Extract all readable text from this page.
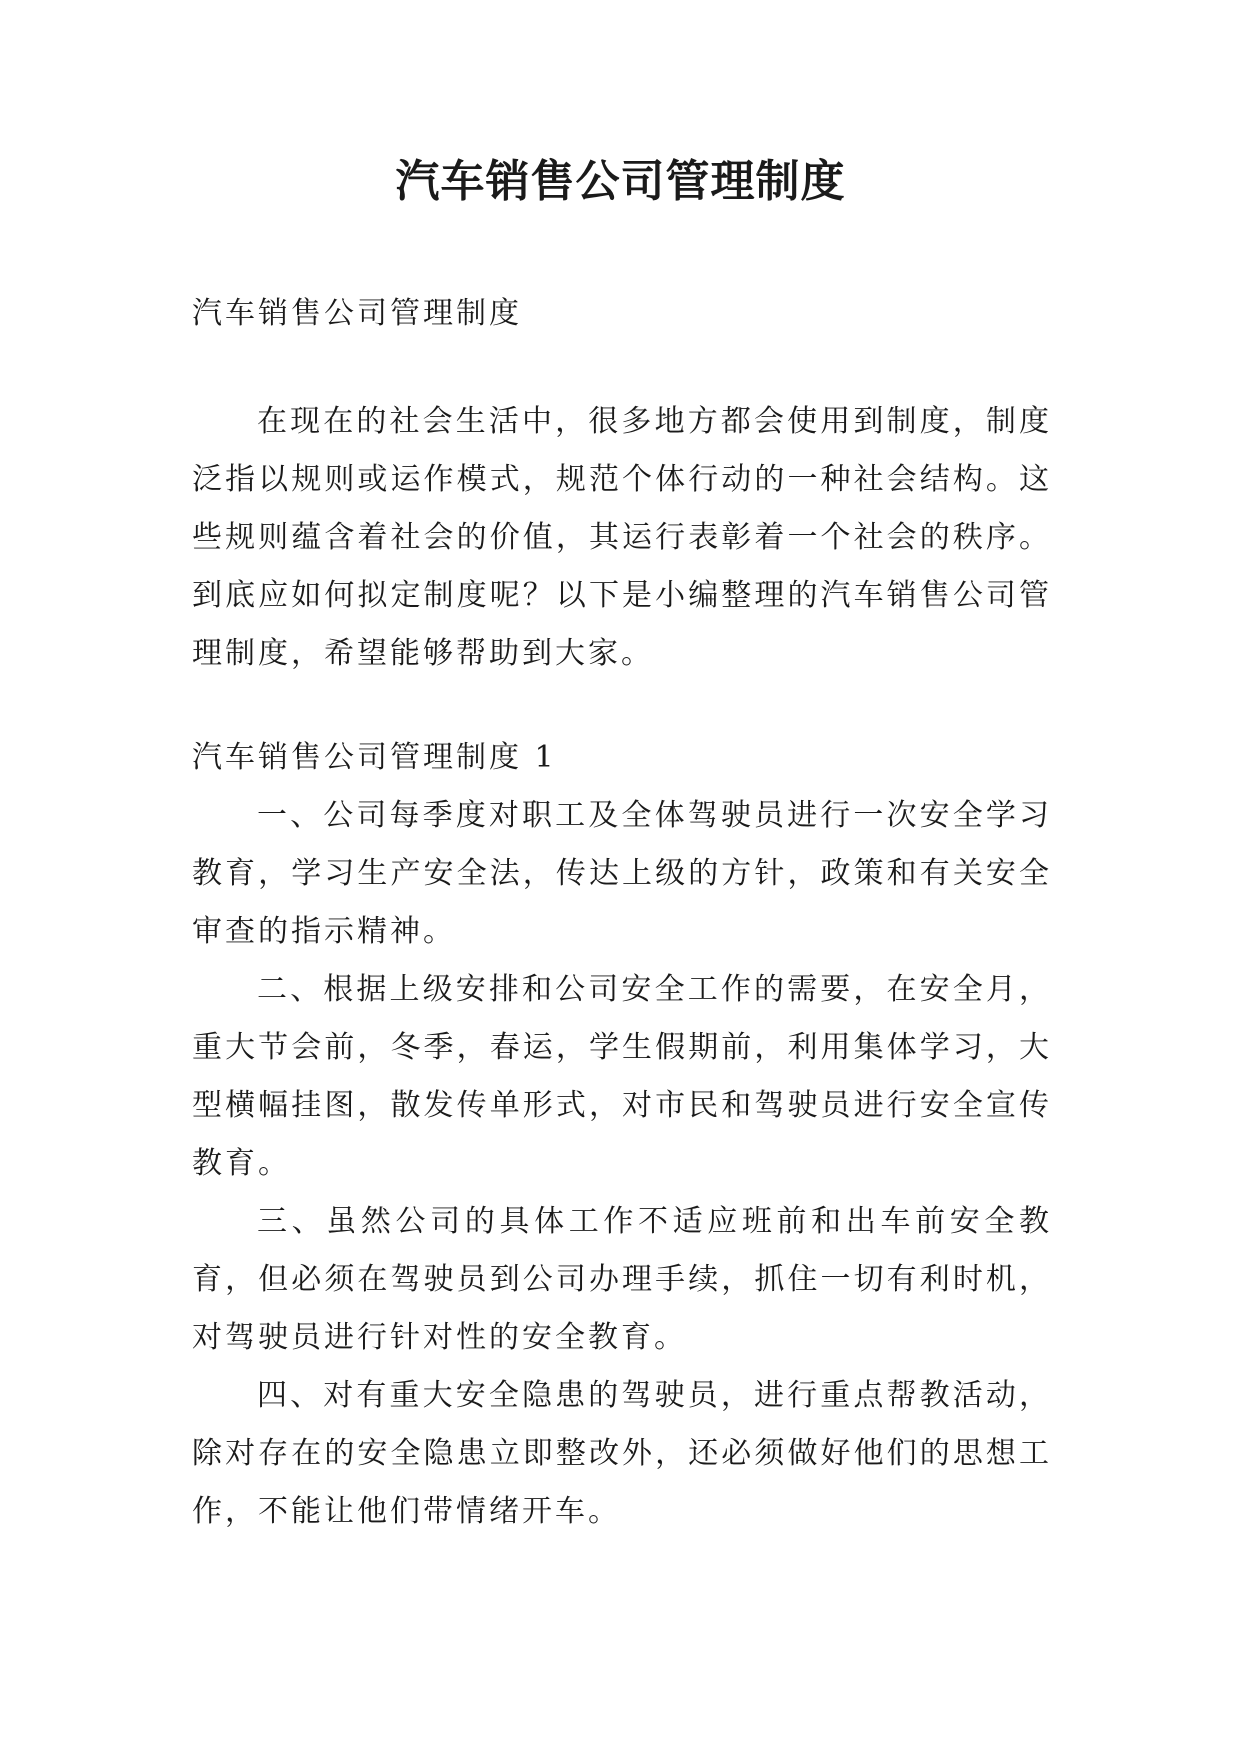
汽车销售公司管理制度

汽车销售公司管理制度

在现在的社会生活中，很多地方都会使用到制度，制度泛指以规则或运作模式，规范个体行动的一种社会结构。这些规则蕴含着社会的价值，其运行表彰着一个社会的秩序。到底应如何拟定制度呢？以下是小编整理的汽车销售公司管理制度，希望能够帮助到大家。

汽车销售公司管理制度 1

一、公司每季度对职工及全体驾驶员进行一次安全学习教育，学习生产安全法，传达上级的方针，政策和有关安全审查的指示精神。

二、根据上级安排和公司安全工作的需要，在安全月，重大节会前，冬季，春运，学生假期前，利用集体学习，大型横幅挂图，散发传单形式，对市民和驾驶员进行安全宣传教育。

三、虽然公司的具体工作不适应班前和出车前安全教育，但必须在驾驶员到公司办理手续，抓住一切有利时机，对驾驶员进行针对性的安全教育。

四、对有重大安全隐患的驾驶员，进行重点帮教活动，除对存在的安全隐患立即整改外，还必须做好他们的思想工作，不能让他们带情绪开车。
